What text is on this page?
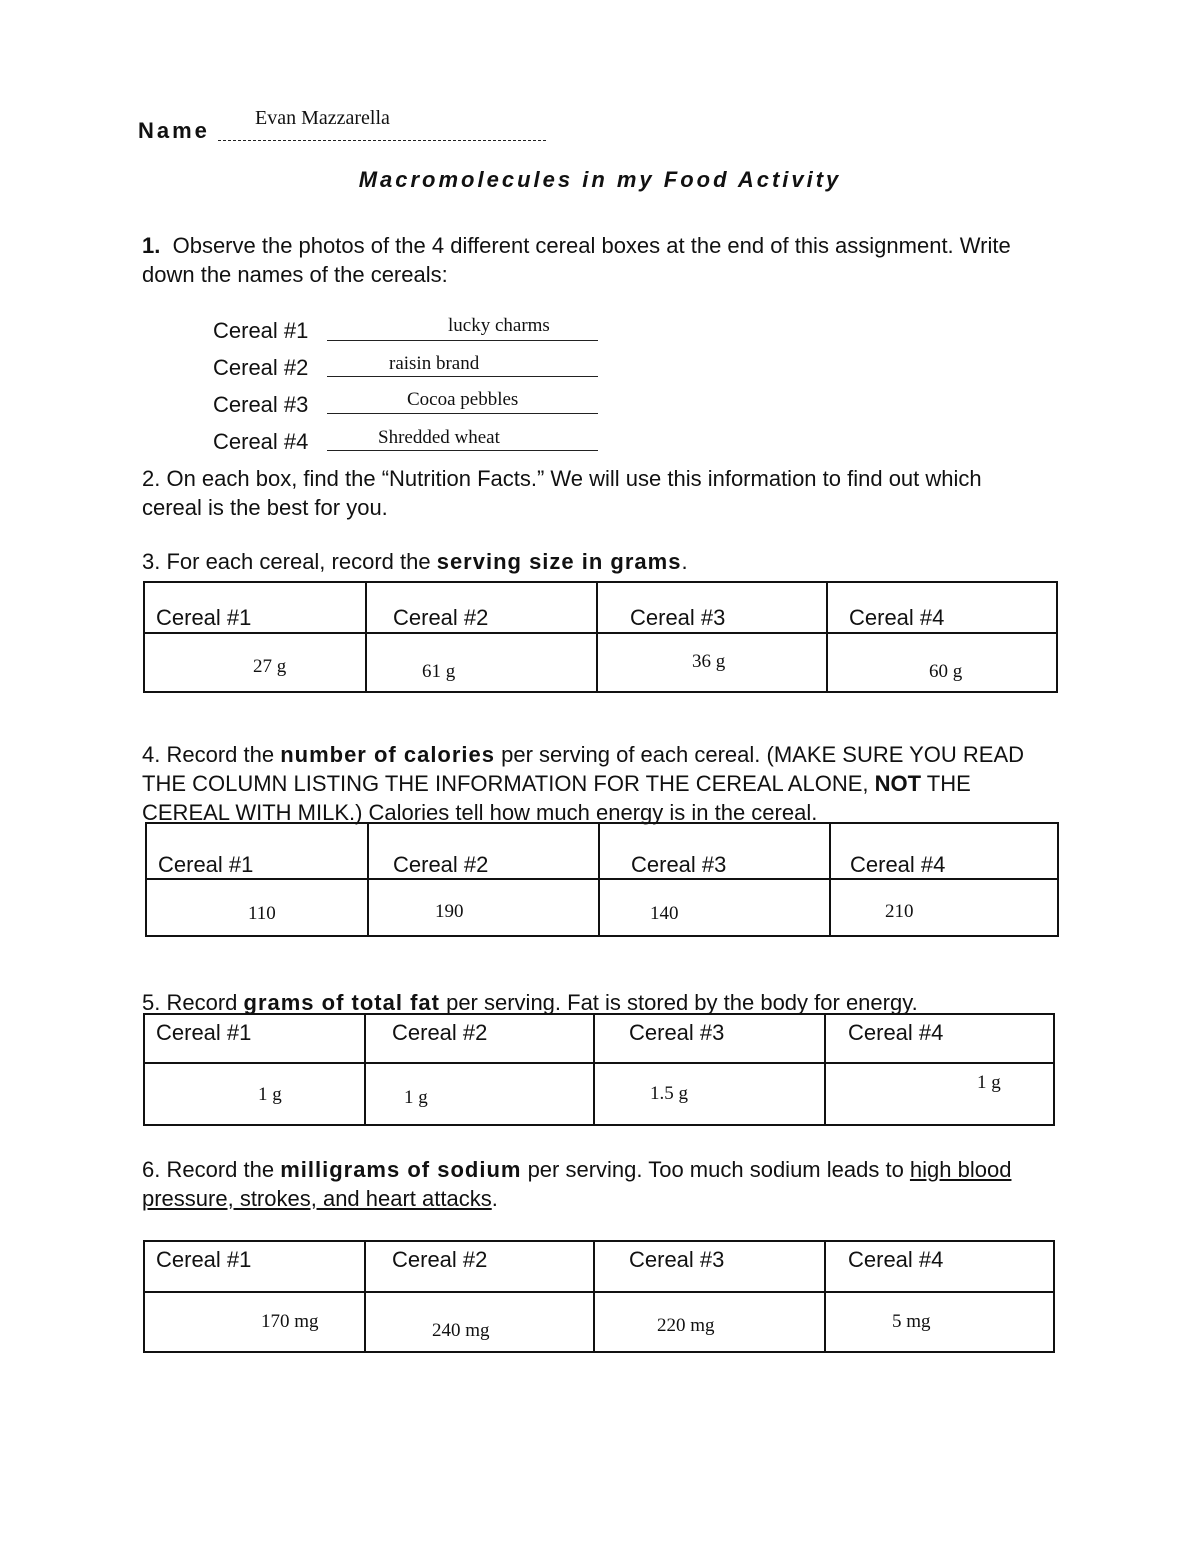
Name Evan Mazzarella
Macromolecules in my Food Activity
1. Observe the photos of the 4 different cereal boxes at the end of this assignment. Write down the names of the cereals:
Cereal #1	lucky charms
Cereal #2	raisin brand
Cereal #3	Cocoa pebbles
Cereal #4	Shredded wheat
2. On each box, find the “Nutrition Facts.” We will use this information to find out which cereal is the best for you.
3. For each cereal, record the serving size in grams.
Cereal #1	Cereal #2	Cereal #3	Cereal #4

27 g	61 g	36 g	60 g
4. Record the number of calories per serving of each cereal. (MAKE SURE YOU READ THE COLUMN LISTING THE INFORMATION FOR THE CEREAL ALONE, NOT THE CEREAL WITH MILK.) Calories tell how much energy is in the cereal.
Cereal #1	Cereal #2	Cereal #3	Cereal #4

110	190	140	210
5. Record grams of total fat per serving. Fat is stored by the body for energy.
Cereal #1	Cereal #2	Cereal #3	Cereal #4

1 g	1 g	1.5 g	1 g
6. Record the milligrams of sodium per serving. Too much sodium leads to high blood pressure, strokes, and heart attacks.
Cereal #1	Cereal #2	Cereal #3	Cereal #4

170 mg	240 mg	220 mg	5 mg
